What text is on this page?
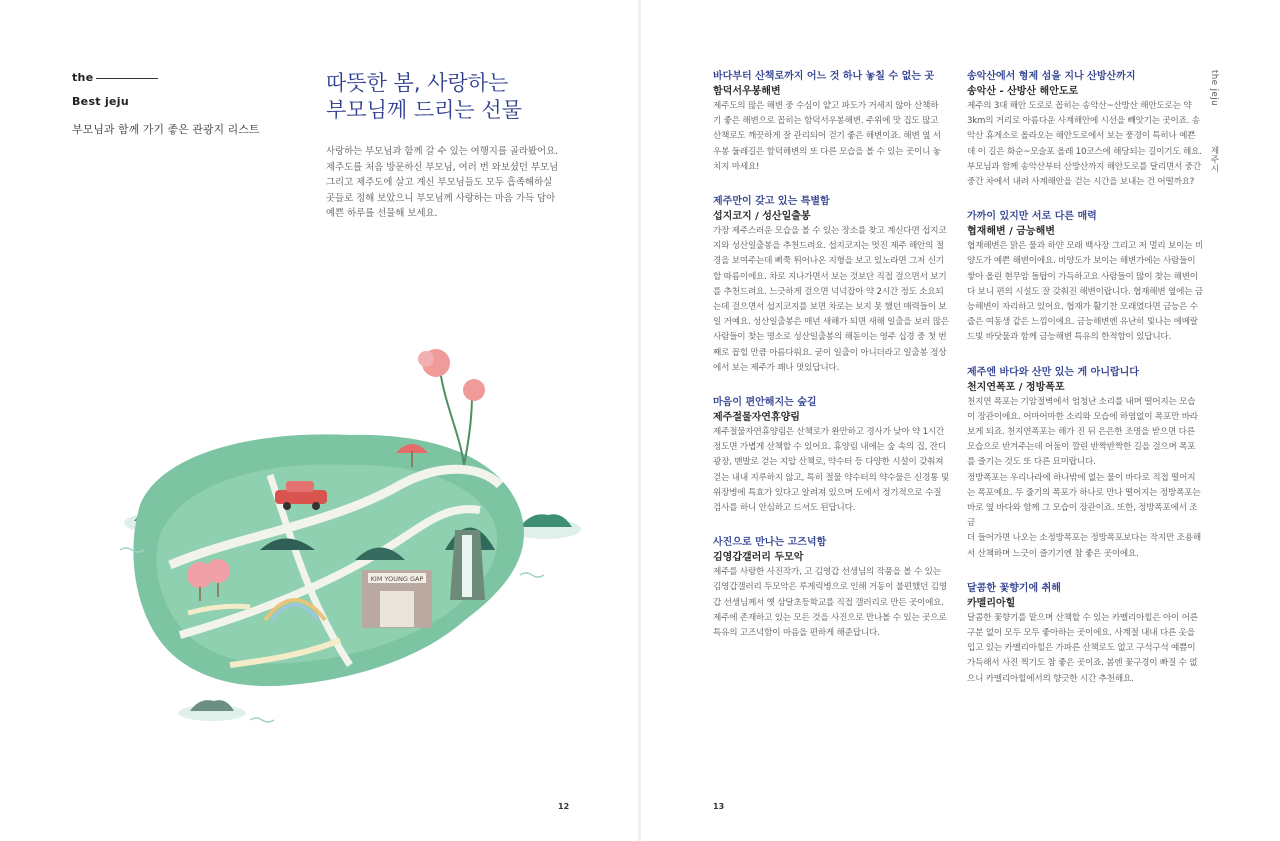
the
Best jeju
부모님과 함께 가기 좋은 관광지 리스트
따뜻한 봄, 사랑하는
부모님께 드리는 선물
사랑하는 부모님과 함께 갈 수 있는 여행지를 골라봤어요.
제주도를 처음 방문하신 부모님, 여러 번 와보셨던 부모님
그리고 제주도에 살고 계신 부모님들도 모두 흡족해하실
곳들로 정해 보았으니 부모님께 사랑하는 마음 가득 담아
예쁜 하루를 선물해 보세요.
KIM YOUNG GAP
12	13
바다부터 산책로까지 어느 것 하나 놓칠 수 없는 곳
함덕서우봉해변
제주도의 많은 해변 중 수심이 얕고 파도가 거세지 않아 산책하
기 좋은 해변으로 꼽히는 함덕서우봉해변. 주위에 맛 집도 많고
산책로도 깨끗하게 잘 관리되어 걷기 좋은 해변이죠. 해변 옆 서
우봉 둘레길은 함덕해변의 또 다른 모습을 볼 수 있는 곳이니 놓
치지 마세요!
제주만이 갖고 있는 특별함
섭지코지 / 성산일출봉
가장 제주스러운 모습을 볼 수 있는 장소를 찾고 계신다면 섭지코
지와 성산일출봉을 추천드려요. 섭지코지는 멋진 제주 해안의 절
경을 보여주는데 삐쭉 튀어나온 지형을 보고 있노라면 그저 신기
할 따름이에요. 차로 지나가면서 보는 것보단 직접 걸으면서 보기
를 추천드려요. 느긋하게 걸으면 넉넉잡아 약 2시간 정도 소요되
는데 걸으면서 섭지코지를 보면 차로는 보지 못 했던 매력들이 보
일 거예요. 성산일출봉은 매년 새해가 되면 새해 일출을 보러 많은
사람들이 찾는 명소로 성산일출봉의 해돋이는 영주 십경 중 첫 번
째로 꼽힐 만큼 아름다워요. 굳이 일출이 아니더라고 일출봉 정상
에서 보는 제주가 꽤나 멋있답니다.
마음이 편안해지는 숲길
제주절물자연휴양림
제주절물자연휴양림은 산책로가 완만하고 경사가 낮아 약 1시간
정도면 가볍게 산책할 수 있어요. 휴양림 내에는 숲 속의 집, 잔디
광장, 맨발로 걷는 지압 산책로, 약수터 등 다양한 시설이 갖춰져
걷는 내내 지루하지 않고, 특히 절물 약수터의 약수물은 신경통 및
위장병에 특효가 있다고 알려져 있으며 도에서 정기적으로 수질
검사를 하니 안심하고 드셔도 된답니다.
사진으로 만나는 고즈넉함
김영갑갤러리 두모악
제주를 사랑한 사진작가, 고 김영갑 선생님의 작품을 볼 수 있는
김영갑갤러리 두모악은 루게릭병으로 인해 거동이 불편했던 김영
갑 선생님께서 옛 삼달초등학교를 직접 갤러리로 만든 곳이에요.
제주에 존재하고 있는 모든 것을 사진으로 만나볼 수 있는 곳으로
특유의 고즈넉함이 마음을 편하게 해준답니다.
송악산에서 형제 섬을 지나 산방산까지
송악산 - 산방산 해안도로
제주의 3대 해안 도로로 꼽히는 송악산~산방산 해안도로는 약
3km의 거리로 아름다운 사계해안에 시선을 빼앗기는 곳이죠. 송
악산 휴게소로 올라오는 해안도로에서 보는 풍경이 특히나 예쁜
데 이 길은 화순~모슬포 올레 10코스에 해당되는 길이기도 해요.
부모님과 함께 송악산부터 산방산까지 해안도로를 달리면서 중간
중간 차에서 내려 사계해안을 걷는 시간을 보내는 건 어떨까요?
가까이 있지만 서로 다른 매력
협재해변 / 금능해변
협재해변은 맑은 물과 하얀 모래 백사장 그리고 저 멀리 보이는 비
양도가 예쁜 해변이에요. 비양도가 보이는 해변가에는 사람들이
쌓아 올린 현무암 돌탑이 가득하고요 사람들이 많이 찾는 해변이
다 보니 편의 시설도 잘 갖춰진 해변이랍니다. 협재해변 옆에는 금
능해변이 자리하고 있어요. 협재가 활기찬 모래였다면 금능은 수
줍은 여동생 같은 느낌이에요. 금능해변엔 유난히 빛나는 에메랄
드빛 바닷물과 함께 금능해변 특유의 한적함이 있답니다.
제주엔 바다와 산만 있는 게 아니랍니다
천지연폭포 / 정방폭포
천지연 폭포는 기암절벽에서 엄청난 소리를 내며 떨어지는 모습
이 장관이에요. 어마어마한 소리와 모습에 하염없이 폭포만 바라
보게 되죠. 천지연폭포는 해가 진 뒤 은은한 조명을 받으면 다른
모습으로 반겨주는데 어둠이 깔린 반짝반짝한 길을 걸으며 폭포
를 즐기는 것도 또 다른 묘미랍니다.
정방폭포는 우리나라에 하나밖에 없는 물이 바다로 직접 떨어지
는 폭포예요. 두 줄기의 폭포가 하나로 만나 떨어지는 정방폭포는
바로 옆 바다와 함께 그 모습이 장관이죠. 또한, 정방폭포에서 조금
더 들어가면 나오는 소정방폭포는 정방폭포보다는 작지만 조용해
서 산책하며 느긋이 즐기기엔 참 좋은 곳이에요.
달콤한 꽃향기에 취해
카멜리아힐
달콤한 꽃향기를 맡으며 산책할 수 있는 카멜리아힐은 아이 어른
구분 없이 모두 모두 좋아하는 곳이에요. 사계절 내내 다른 옷을
입고 있는 카멜리아힐은 가파른 산책로도 없고 구석구석 예쁨이
가득해서 사진 찍기도 참 좋은 곳이죠. 봄엔 꽃구경이 빠질 수 없
으니 카멜리아힐에서의 향긋한 시간 추천해요.
the jeju제주시
